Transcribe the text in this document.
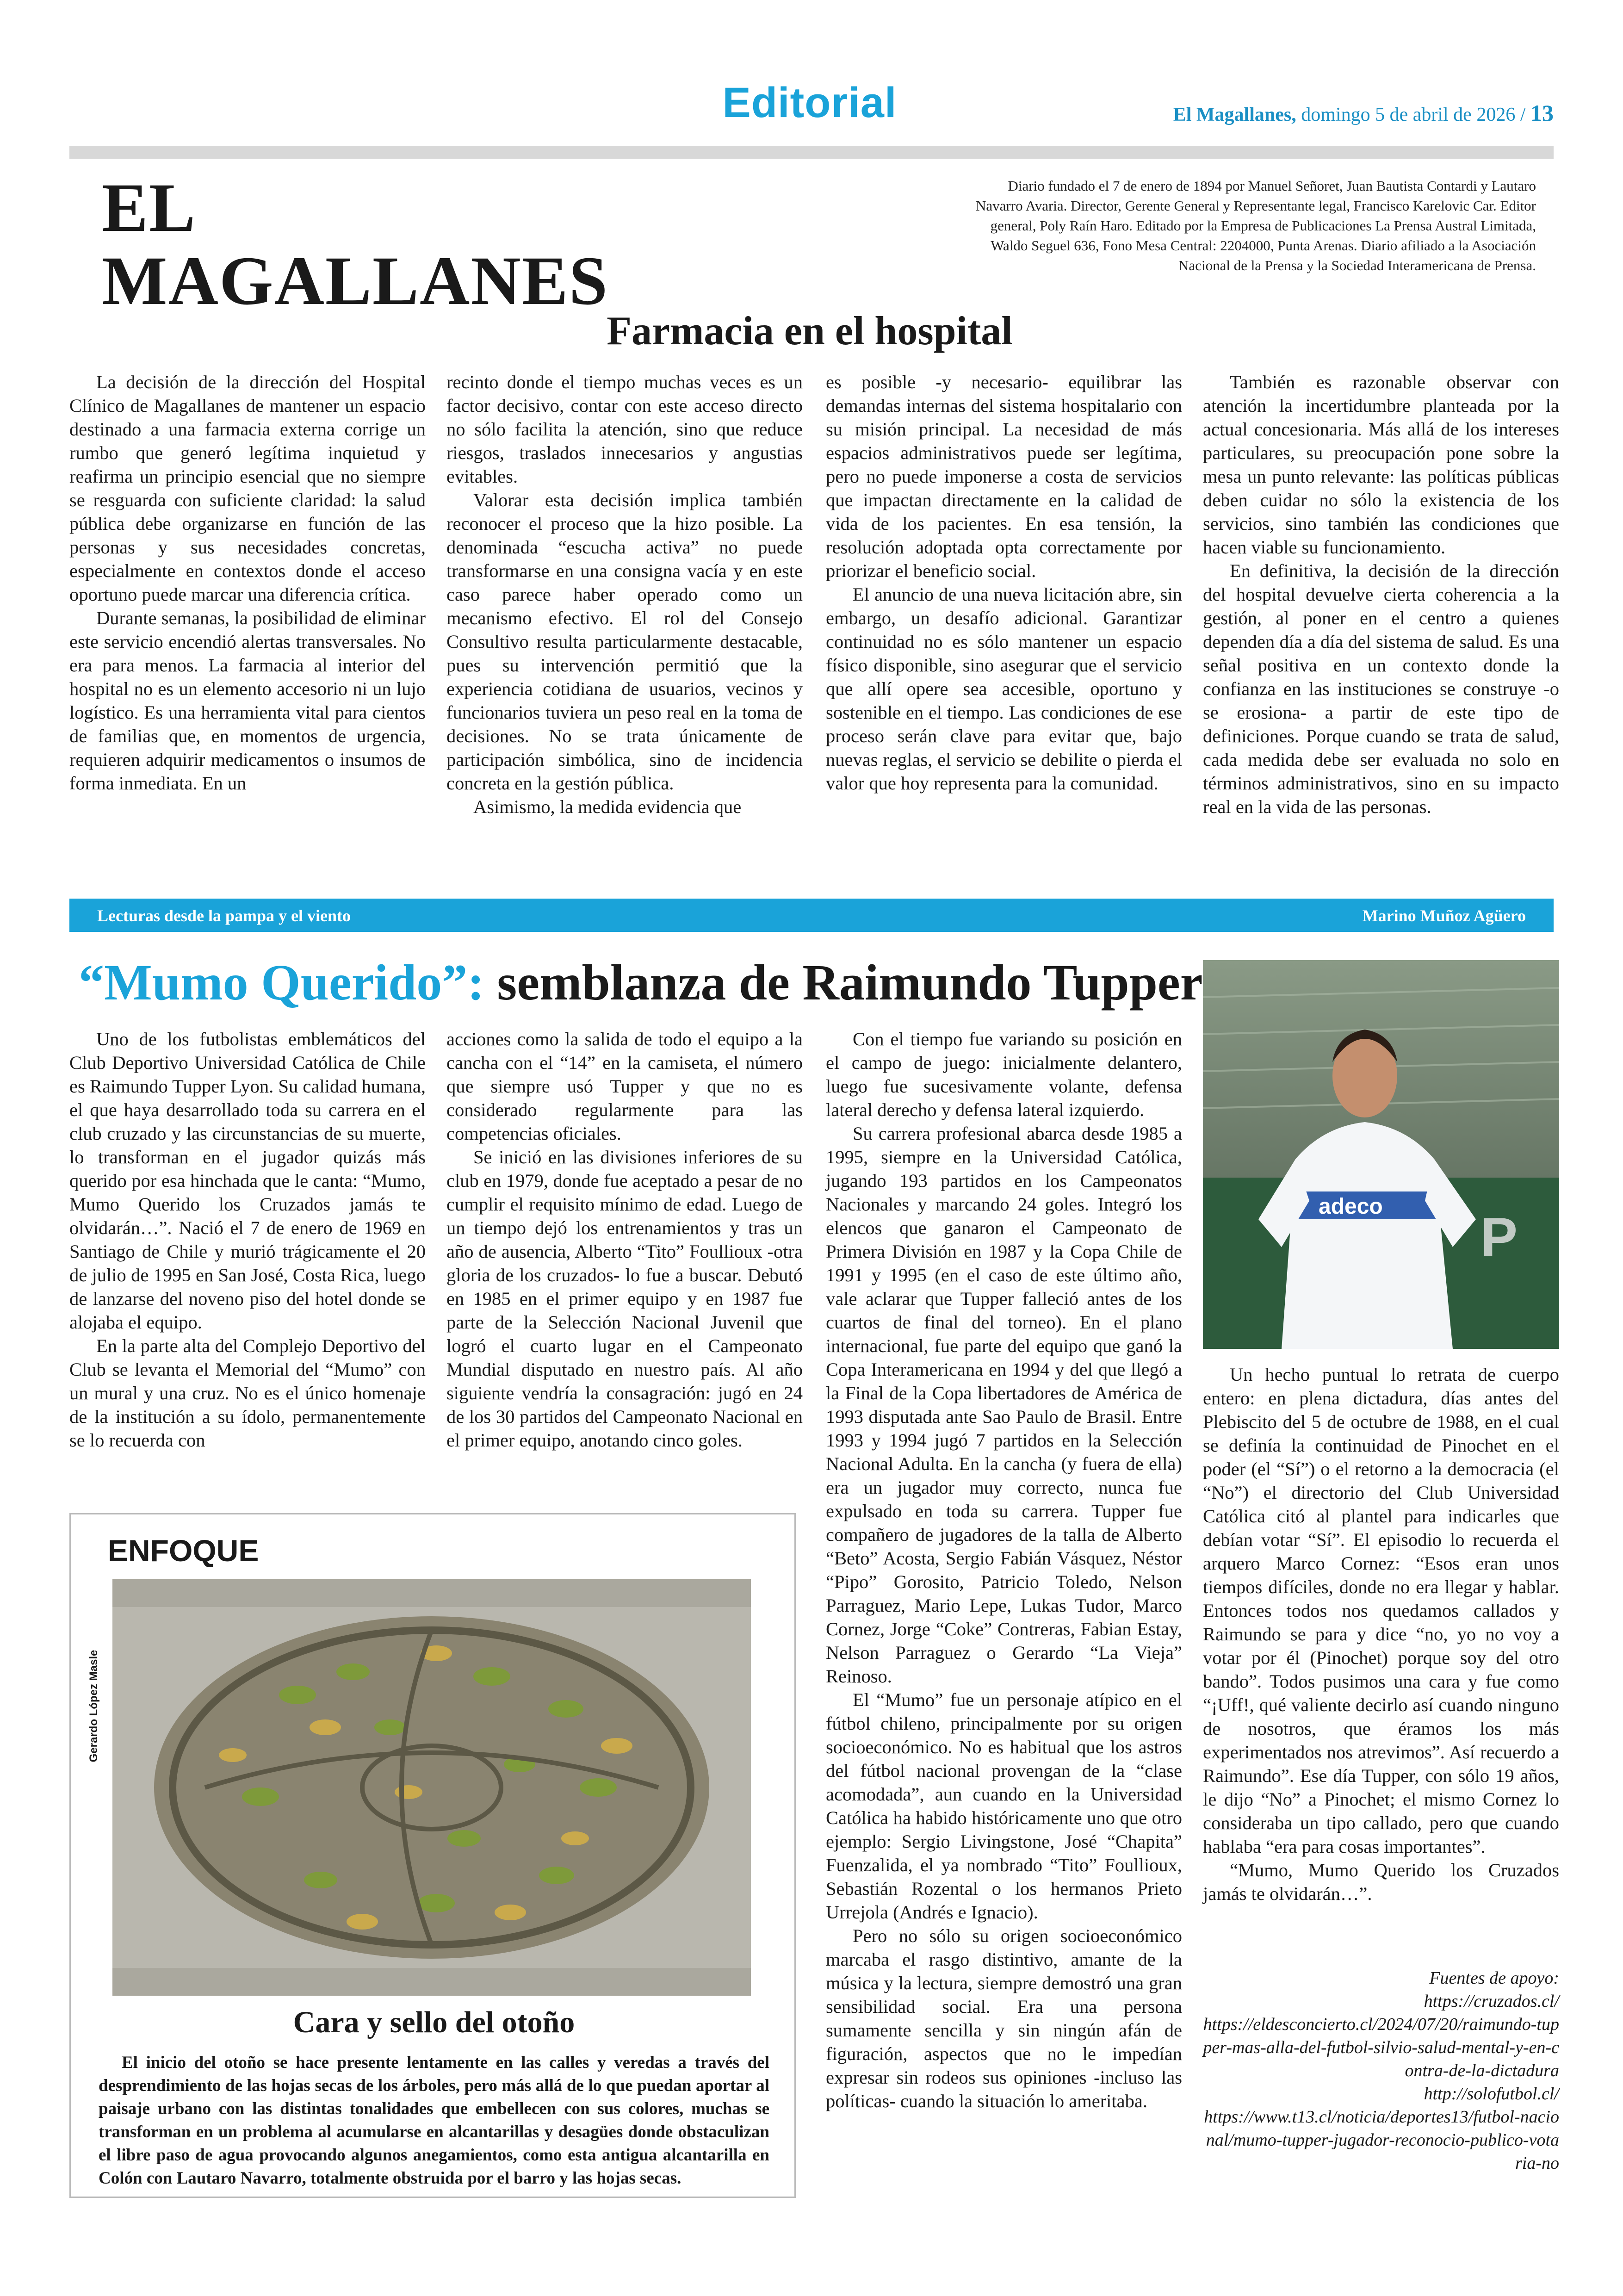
Editorial	El Magallanes, domingo 5 de abril de 2026 / 13
EL
MAGALLANES
Diario fundado el 7 de enero de 1894 por Manuel Señoret, Juan Bautista Contardi y Lautaro
Navarro Avaria. Director, Gerente General y Representante legal, Francisco Karelovic Car. Editor
general, Poly Raín Haro. Editado por la Empresa de Publicaciones La Prensa Austral Limitada,
Waldo Seguel 636, Fono Mesa Central: 2204000, Punta Arenas. Diario afiliado a la Asociación
Nacional de la Prensa y la Sociedad Interamericana de Prensa.
Farmacia en el hospital

La decisión de la dirección del Hospital Clínico de Magallanes de mantener un espacio destinado a una farmacia externa corrige un rumbo que generó legítima inquietud y reafirma un principio esencial que no siempre se resguarda con suficiente claridad: la salud pública debe organizarse en función de las personas y sus necesidades concretas, especialmente en contextos donde el acceso oportuno puede marcar una diferencia crítica.

Durante semanas, la posibilidad de eliminar este servicio encendió alertas transversales. No era para menos. La farmacia al interior del hospital no es un elemento accesorio ni un lujo logístico. Es una herramienta vital para cientos de familias que, en momentos de urgencia, requieren adquirir medicamentos o insumos de forma inmediata. En un

recinto donde el tiempo muchas veces es un factor decisivo, contar con este acceso directo no sólo facilita la atención, sino que reduce riesgos, traslados innecesarios y angustias evitables.

Valorar esta decisión implica también reconocer el proceso que la hizo posible. La denominada “escucha activa” no puede transformarse en una consigna vacía y en este caso parece haber operado como un mecanismo efectivo. El rol del Consejo Consultivo resulta particularmente destacable, pues su intervención permitió que la experiencia cotidiana de usuarios, vecinos y funcionarios tuviera un peso real en la toma de decisiones. No se trata únicamente de participación simbólica, sino de incidencia concreta en la gestión pública.

Asimismo, la medida evidencia que

es posible -y necesario- equilibrar las demandas internas del sistema hospitalario con su misión principal. La necesidad de más espacios administrativos puede ser legítima, pero no puede imponerse a costa de servicios que impactan directamente en la calidad de vida de los pacientes. En esa tensión, la resolución adoptada opta correctamente por priorizar el beneficio social.

El anuncio de una nueva licitación abre, sin embargo, un desafío adicional. Garantizar continuidad no es sólo mantener un espacio físico disponible, sino asegurar que el servicio que allí opere sea accesible, oportuno y sostenible en el tiempo. Las condiciones de ese proceso serán clave para evitar que, bajo nuevas reglas, el servicio se debilite o pierda el valor que hoy representa para la comunidad.

También es razonable observar con atención la incertidumbre planteada por la actual concesionaria. Más allá de los intereses particulares, su preocupación pone sobre la mesa un punto relevante: las políticas públicas deben cuidar no sólo la existencia de los servicios, sino también las condiciones que hacen viable su funcionamiento.

En definitiva, la decisión de la dirección del hospital devuelve cierta coherencia a la gestión, al poner en el centro a quienes dependen día a día del sistema de salud. Es una señal positiva en un contexto donde la confianza en las instituciones se construye -o se erosiona- a partir de este tipo de definiciones. Porque cuando se trata de salud, cada medida debe ser evaluada no solo en términos administrativos, sino en su impacto real en la vida de las personas.

Lecturas desde la pampa y el viento	Marino Muñoz Agüero
“Mumo Querido”: semblanza de Raimundo Tupper

Uno de los futbolistas emblemáticos del Club Deportivo Universidad Católica de Chile es Raimundo Tupper Lyon. Su calidad humana, el que haya desarrollado toda su carrera en el club cruzado y las circunstancias de su muerte, lo transforman en el jugador quizás más querido por esa hinchada que le canta: “Mumo, Mumo Querido los Cruzados jamás te olvidarán…”. Nació el 7 de enero de 1969 en Santiago de Chile y murió trágicamente el 20 de julio de 1995 en San José, Costa Rica, luego de lanzarse del noveno piso del hotel donde se alojaba el equipo.

En la parte alta del Complejo Deportivo del Club se levanta el Memorial del “Mumo” con un mural y una cruz. No es el único homenaje de la institución a su ídolo, permanentemente se lo recuerda con

acciones como la salida de todo el equipo a la cancha con el “14” en la camiseta, el número que siempre usó Tupper y que no es considerado regularmente para las competencias oficiales.

Se inició en las divisiones inferiores de su club en 1979, donde fue aceptado a pesar de no cumplir el requisito mínimo de edad. Luego de un tiempo dejó los entrenamientos y tras un año de ausencia, Alberto “Tito” Foullioux -otra gloria de los cruzados- lo fue a buscar. Debutó en 1985 en el primer equipo y en 1987 fue parte de la Selección Nacional Juvenil que logró el cuarto lugar en el Campeonato Mundial disputado en nuestro país. Al año siguiente vendría la consagración: jugó en 24 de los 30 partidos del Campeonato Nacional en el primer equipo, anotando cinco goles.

Con el tiempo fue variando su posición en el campo de juego: inicialmente delantero, luego fue sucesivamente volante, defensa lateral derecho y defensa lateral izquierdo.

Su carrera profesional abarca desde 1985 a 1995, siempre en la Universidad Católica, jugando 193 partidos en los Campeonatos Nacionales y marcando 24 goles. Integró los elencos que ganaron el Campeonato de Primera División en 1987 y la Copa Chile de 1991 y 1995 (en el caso de este último año, vale aclarar que Tupper falleció antes de los cuartos de final del torneo). En el plano internacional, fue parte del equipo que ganó la Copa Interamericana en 1994 y del que llegó a la Final de la Copa libertadores de América de 1993 disputada ante Sao Paulo de Brasil. Entre 1993 y 1994 jugó 7 partidos en la Selección Nacional Adulta. En la cancha (y fuera de ella) era un jugador muy correcto, nunca fue expulsado en toda su carrera. Tupper fue compañero de jugadores de la talla de Alberto “Beto” Acosta, Sergio Fabián Vásquez, Néstor “Pipo” Gorosito, Patricio Toledo, Nelson Parraguez, Mario Lepe, Lukas Tudor, Marco Cornez, Jorge “Coke” Contreras, Fabian Estay, Nelson Parraguez o Gerardo “La Vieja” Reinoso.

El “Mumo” fue un personaje atípico en el fútbol chileno, principalmente por su origen socioeconómico. No es habitual que los astros del fútbol nacional provengan de la “clase acomodada”, aun cuando en la Universidad Católica ha habido históricamente uno que otro ejemplo: Sergio Livingstone, José “Chapita” Fuenzalida, el ya nombrado “Tito” Foullioux, Sebastián Rozental o los hermanos Prieto Urrejola (Andrés e Ignacio).

Pero no sólo su origen socioeconómico marcaba el rasgo distintivo, amante de la música y la lectura, siempre demostró una gran sensibilidad social. Era una persona sumamente sencilla y sin ningún afán de figuración, aspectos que no le impedían expresar sin rodeos sus opiniones -incluso las políticas- cuando la situación lo ameritaba.

P
adeco

Un hecho puntual lo retrata de cuerpo entero: en plena dictadura, días antes del Plebiscito del 5 de octubre de 1988, en el cual se definía la continuidad de Pinochet en el poder (el “Sí”) o el retorno a la democracia (el “No”) el directorio del Club Universidad Católica citó al plantel para indicarles que debían votar “Sí”. El episodio lo recuerda el arquero Marco Cornez: “Esos eran unos tiempos difíciles, donde no era llegar y hablar. Entonces todos nos quedamos callados y Raimundo se para y dice “no, yo no voy a votar por él (Pinochet) porque soy del otro bando”. Todos pusimos una cara y fue como “¡Uff!, qué valiente decirlo así cuando ninguno de nosotros, que éramos los más experimentados nos atrevimos”. Así recuerdo a Raimundo”. Ese día Tupper, con sólo 19 años, le dijo “No” a Pinochet; el mismo Cornez lo consideraba un tipo callado, pero que cuando hablaba “era para cosas importantes”.

“Mumo, Mumo Querido los Cruzados jamás te olvidarán…”.

Fuentes de apoyo:
https://cruzados.cl/
https://eldesconcierto.cl/2024/07/20/raimundo-tupper-mas-alla-del-futbol-silvio-salud-mental-y-en-contra-de-la-dictadura
http://solofutbol.cl/
https://www.t13.cl/noticia/deportes13/futbol-nacional/mumo-tupper-jugador-reconocio-publico-votaria-no
ENFOQUE
Gerardo López Masle
Cara y sello del otoño

El inicio del otoño se hace presente lentamente en las calles y veredas a través del desprendimiento de las hojas secas de los árboles, pero más allá de lo que puedan aportar al paisaje urbano con las distintas tonalidades que embellecen con sus colores, muchas se transforman en un problema al acumularse en alcantarillas y desagües donde obstaculizan el libre paso de agua provocando algunos anegamientos, como esta antigua alcantarilla en Colón con Lautaro Navarro, totalmente obstruida por el barro y las hojas secas.
